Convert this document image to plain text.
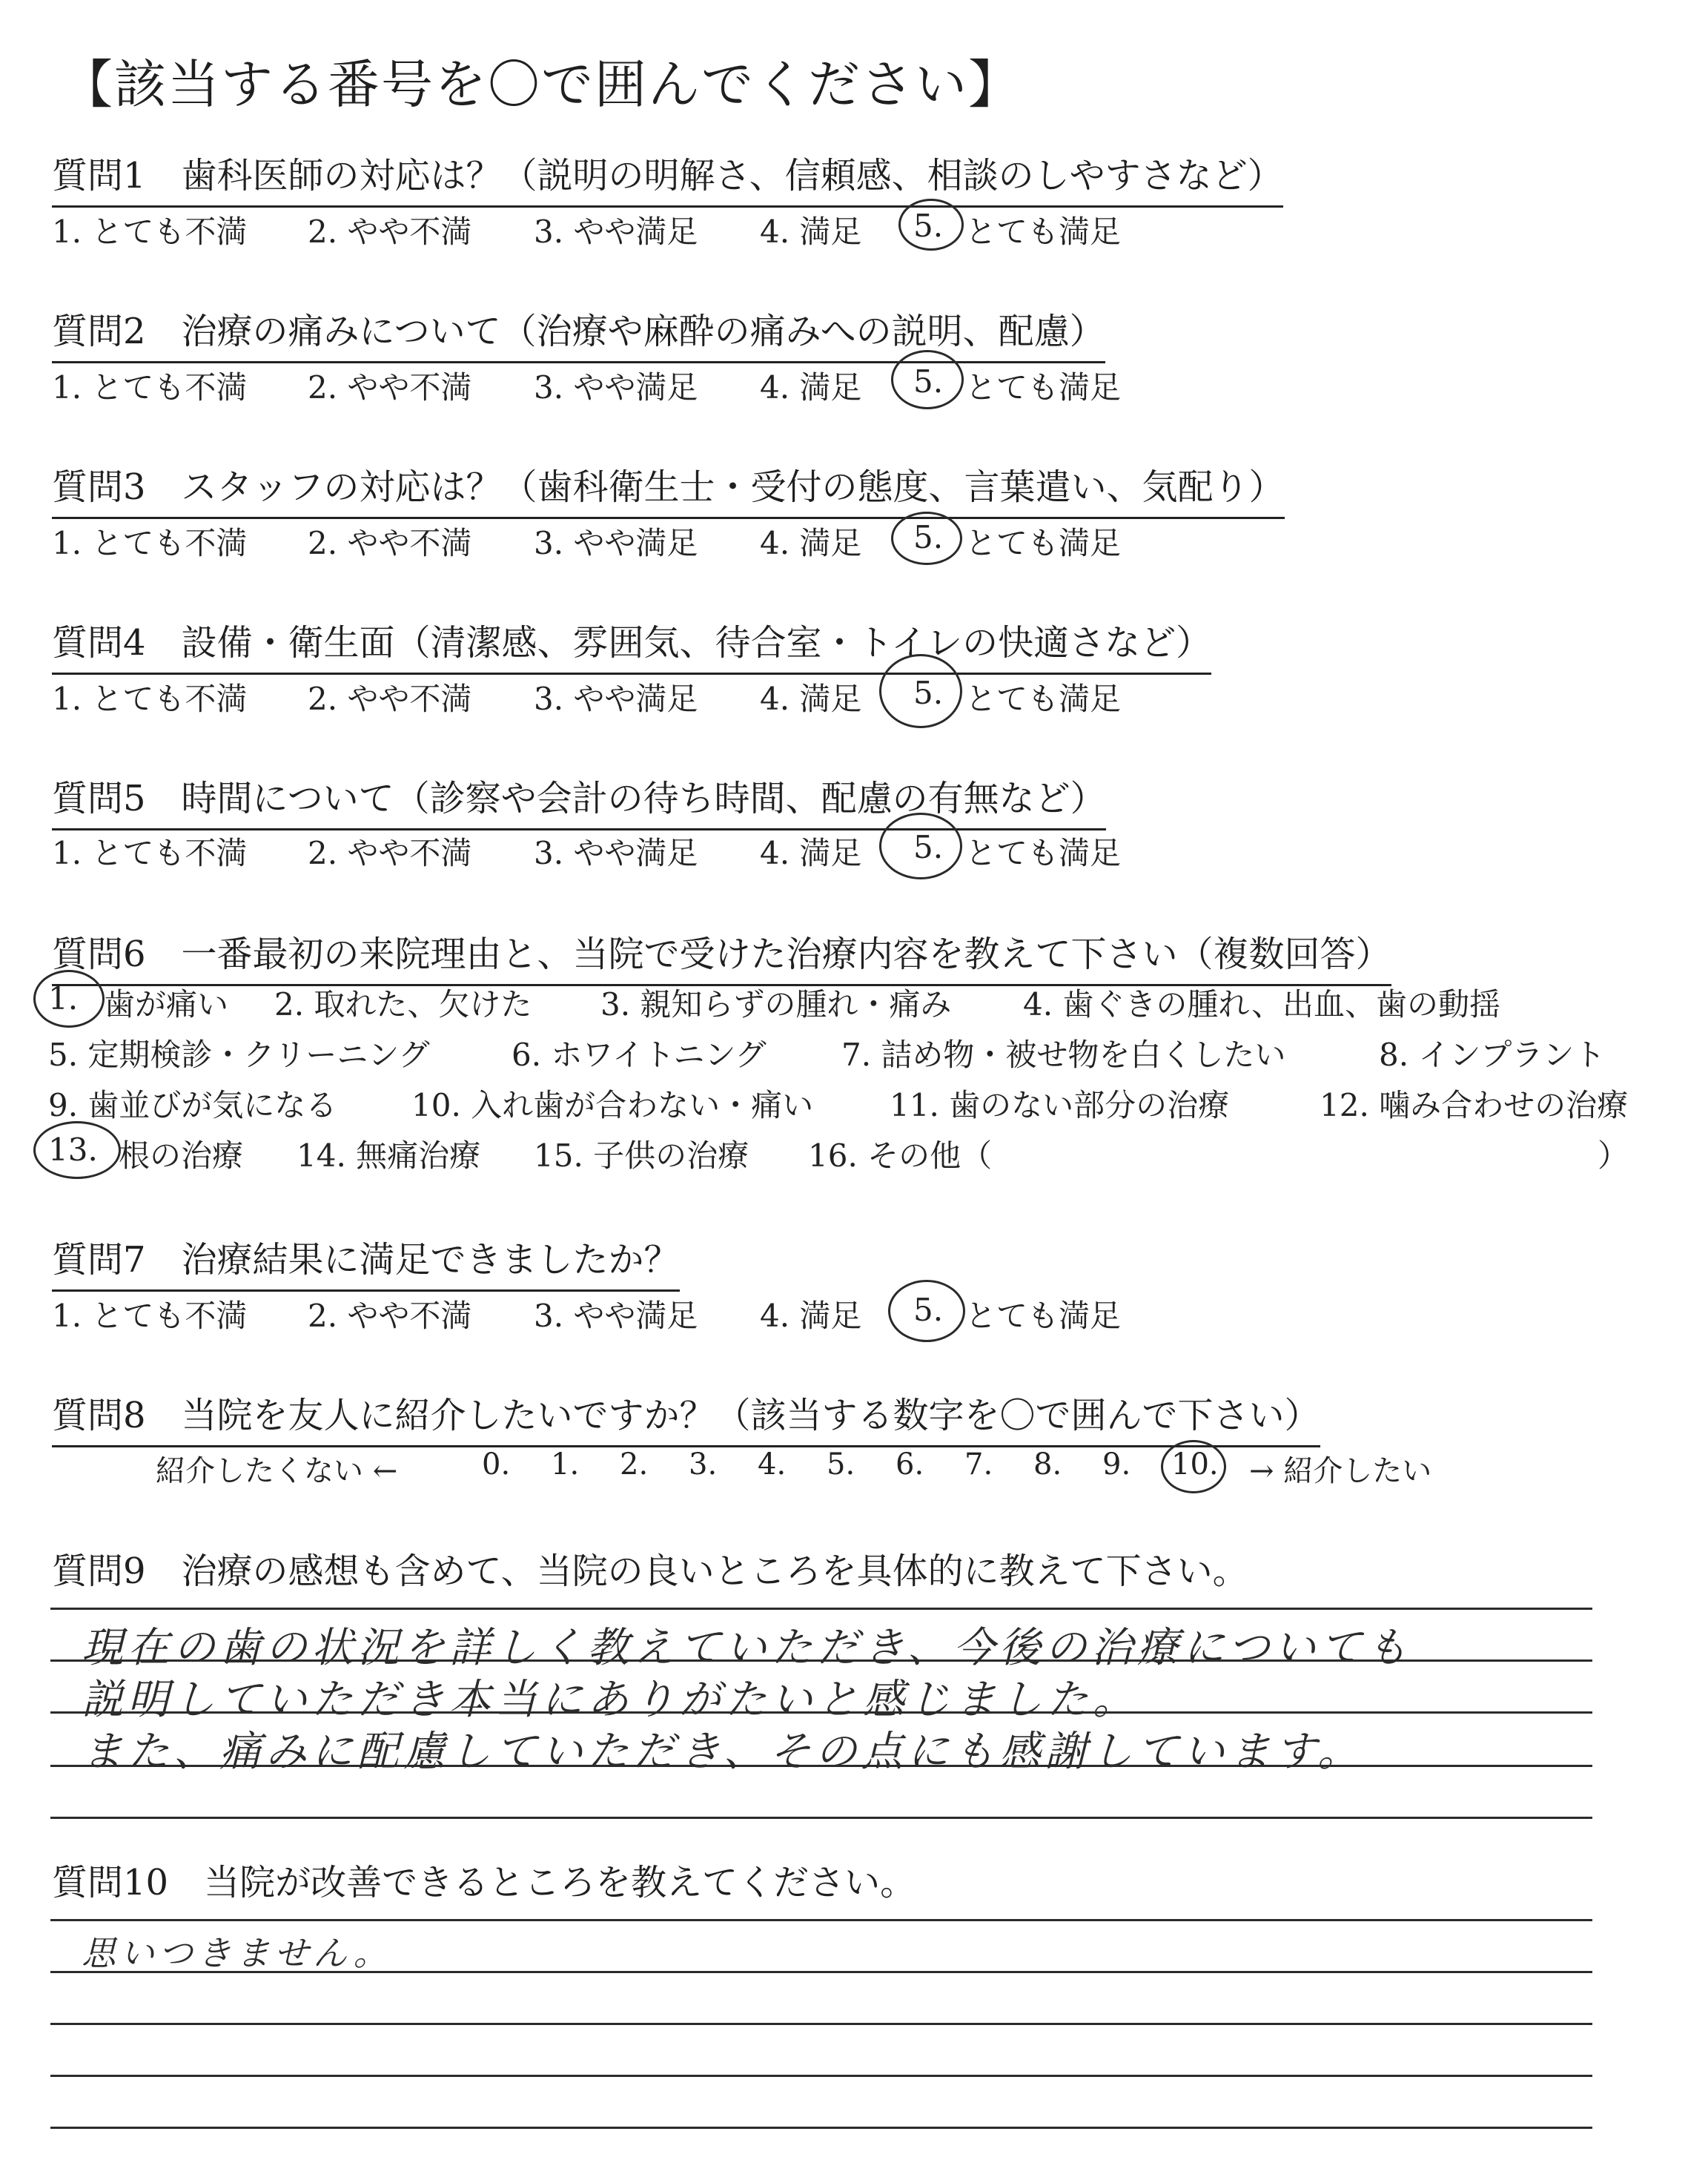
【該当する番号を〇で囲んでください】
質問1 歯科医師の対応は？（説明の明解さ、信頼感、相談のしやすさなど）
1. とても不満 2. やや不満 3. やや満足 4. 満足 5. とても満足
質問2 治療の痛みについて（治療や麻酔の痛みへの説明、配慮）
1. とても不満 2. やや不満 3. やや満足 4. 満足 5. とても満足
質問3 スタッフの対応は？（歯科衛生士・受付の態度、言葉遣い、気配り）
1. とても不満 2. やや不満 3. やや満足 4. 満足 5. とても満足
質問4 設備・衛生面（清潔感、雰囲気、待合室・トイレの快適さなど）
1. とても不満 2. やや不満 3. やや満足 4. 満足 5. とても満足
質問5 時間について（診察や会計の待ち時間、配慮の有無など）
1. とても不満 2. やや不満 3. やや満足 4. 満足 5. とても満足
質問6 一番最初の来院理由と、当院で受けた治療内容を教えて下さい（複数回答）
1. 歯が痛い 2. 取れた、欠けた 3. 親知らずの腫れ・痛み 4. 歯ぐきの腫れ、出血、歯の動揺
5. 定期検診・クリーニング	6. ホワイトニング 7. 詰め物・被せ物を白くしたい	8. インプラント
9. 歯並びが気になる 10. 入れ歯が合わない・痛い 11. 歯のない部分の治療	12. 噛み合わせの治療
13. 根の治療 14. 無痛治療 15. 子供の治療 16. その他（	）
質問7 治療結果に満足できましたか？
1. とても不満 2. やや不満 3. やや満足 4. 満足 5. とても満足
質問8 当院を友人に紹介したいですか？（該当する数字を〇で囲んで下さい）
紹介したくない ←	0. 1. 2. 3. 4. 5. 6. 7. 8. 9. 10. → 紹介したい
質問9 治療の感想も含めて、当院の良いところを具体的に教えて下さい。
現在の歯の状況を詳しく教えていただき、今後の治療についても
説明していただき本当にありがたいと感じました。
また、痛みに配慮していただき、その点にも感謝しています。
質問10 当院が改善できるところを教えてください。
思いつきません。
